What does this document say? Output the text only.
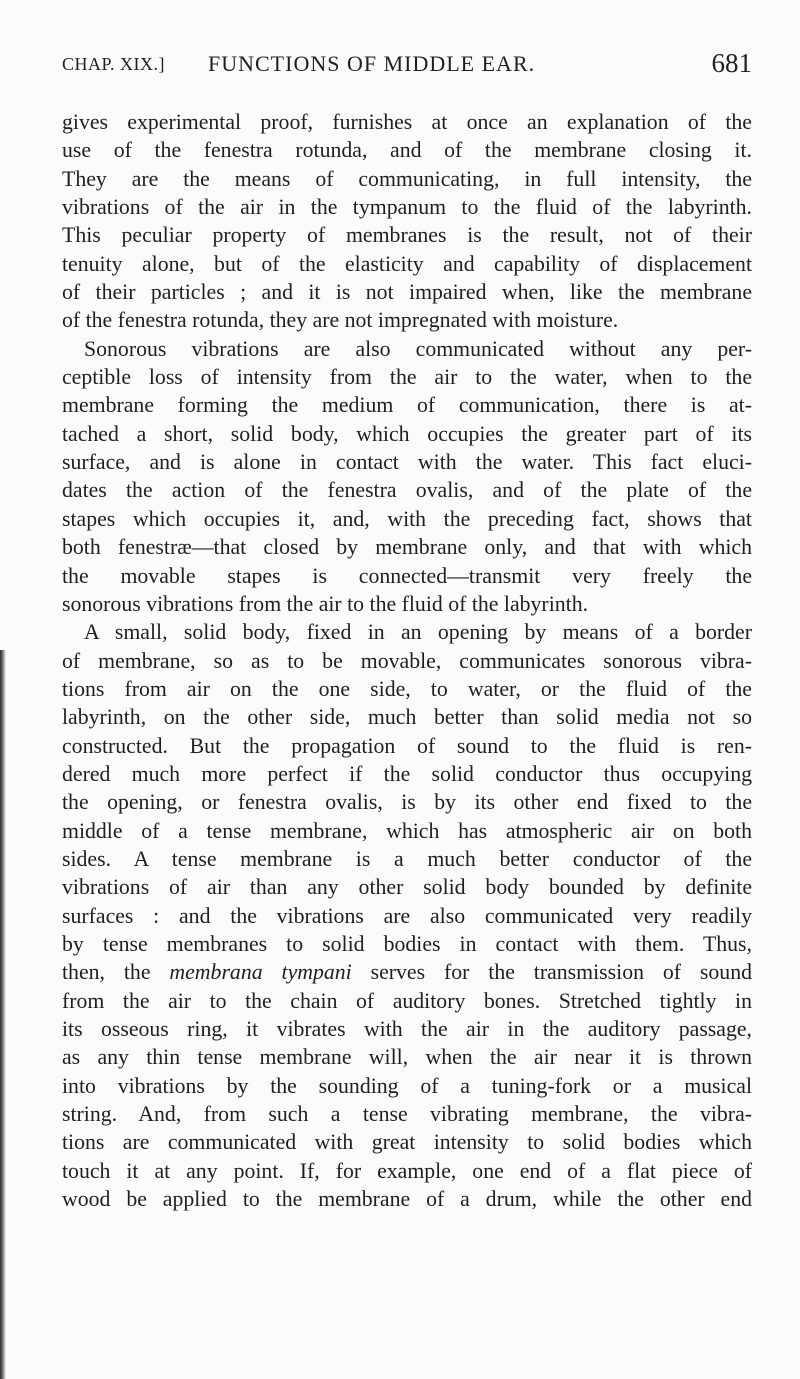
CHAP. XIX.] FUNCTIONS OF MIDDLE EAR.	681
gives experimental proof, furnishes at once an explanation of the
use of the fenestra rotunda, and of the membrane closing it.
They are the means of communicating, in full intensity, the
vibrations of the air in the tympanum to the fluid of the labyrinth.
This peculiar property of membranes is the result, not of their
tenuity alone, but of the elasticity and capability of displacement
of their particles ; and it is not impaired when, like the membrane
of the fenestra rotunda, they are not impregnated with moisture.
Sonorous vibrations are also communicated without any per-
ceptible loss of intensity from the air to the water, when to the
membrane forming the medium of communication, there is at-
tached a short, solid body, which occupies the greater part of its
surface, and is alone in contact with the water. This fact eluci-
dates the action of the fenestra ovalis, and of the plate of the
stapes which occupies it, and, with the preceding fact, shows that
both fenestræ—that closed by membrane only, and that with which
the movable stapes is connected—transmit very freely the
sonorous vibrations from the air to the fluid of the labyrinth.
A small, solid body, fixed in an opening by means of a border
of membrane, so as to be movable, communicates sonorous vibra-
tions from air on the one side, to water, or the fluid of the
labyrinth, on the other side, much better than solid media not so
constructed. But the propagation of sound to the fluid is ren-
dered much more perfect if the solid conductor thus occupying
the opening, or fenestra ovalis, is by its other end fixed to the
middle of a tense membrane, which has atmospheric air on both
sides. A tense membrane is a much better conductor of the
vibrations of air than any other solid body bounded by definite
surfaces : and the vibrations are also communicated very readily
by tense membranes to solid bodies in contact with them. Thus,
then, the membrana tympani serves for the transmission of sound
from the air to the chain of auditory bones. Stretched tightly in
its osseous ring, it vibrates with the air in the auditory passage,
as any thin tense membrane will, when the air near it is thrown
into vibrations by the sounding of a tuning-fork or a musical
string. And, from such a tense vibrating membrane, the vibra-
tions are communicated with great intensity to solid bodies which
touch it at any point. If, for example, one end of a flat piece of
wood be applied to the membrane of a drum, while the other end
